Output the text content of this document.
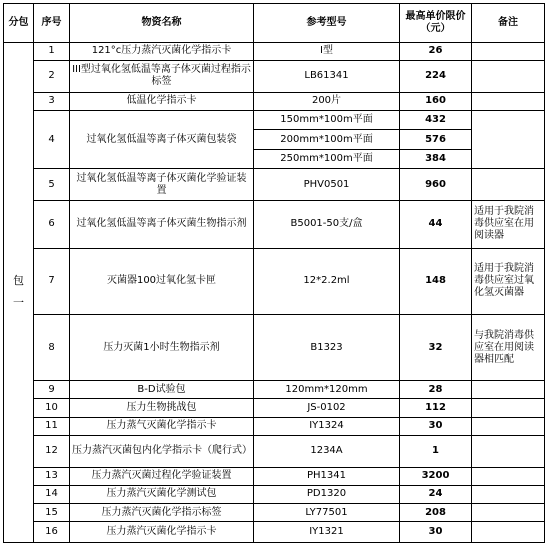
分包	序号	物资名称	参考型号	最高单价限价（元）	备注
包一	1	121°c压力蒸汽灭菌化学指示卡	I型	26	
	2	III型过氧化氢低温等离子体灭菌过程指示标签	LB61341	224	
	3	低温化学指示卡	200片	160	
	4	过氧化氢低温等离子体灭菌包装袋	150mm*100m平面	432	
			200mm*100m平面	576	
			250mm*100m平面	384	
	5	过氧化氢低温等离子体灭菌化学验证装置	PHV0501	960	
	6	过氧化氢低温等离子体灭菌生物指示剂	B5001-50支/盒	44	适用于我院消毒供应室在用阅读器
	7	灭菌器100过氧化氢卡匣	12*2.2ml	148	适用于我院消毒供应室过氧化氢灭菌器
	8	压力灭菌1小时生物指示剂	B1323	32	与我院消毒供应室在用阅读器相匹配
	9	B-D试验包	120mm*120mm	28	
	10	压力生物挑战包	JS-0102	112	
	11	压力蒸气灭菌化学指示卡	IY1324	30	
	12	压力蒸汽灭菌包内化学指示卡（爬行式）	1234A	1	
	13	压力蒸汽灭菌过程化学验证装置	PH1341	3200	
	14	压力蒸汽灭菌化学测试包	PD1320	24	
	15	压力蒸汽灭菌化学指示标签	LY77501	208	
	16	压力蒸汽灭菌化学指示卡	IY1321	30	
